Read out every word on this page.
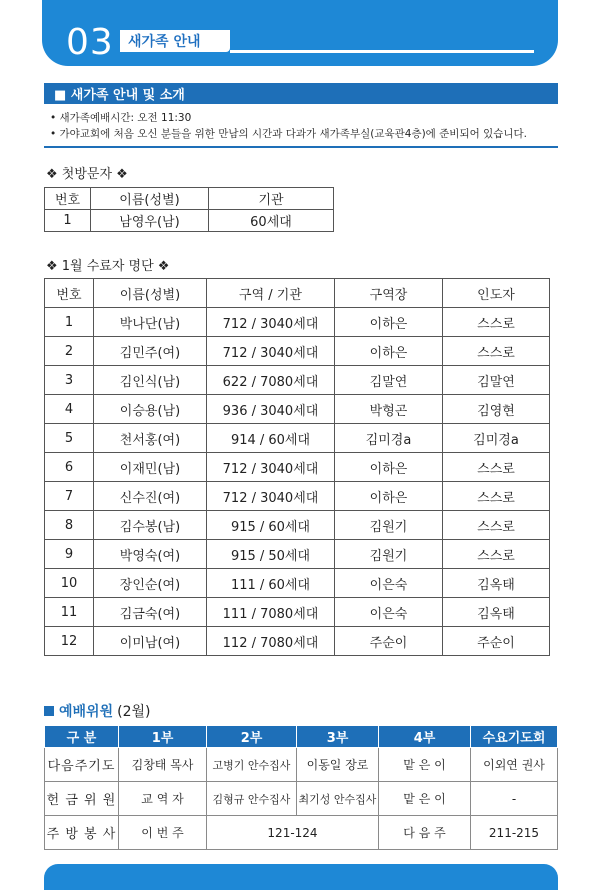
03	새가족 안내
■ 새가족 안내 및 소개
• 새가족예배시간: 오전 11:30
• 가야교회에 처음 오신 분들을 위한 만남의 시간과 다과가 새가족부실(교육관4층)에 준비되어 있습니다.
❖ 첫방문자 ❖
번호	이름(성별)	기관
1	남영우(남)	60세대
❖ 1월 수료자 명단 ❖
번호	이름(성별)	구역 / 기관	구역장	인도자
1	박나단(남)	712 / 3040세대	이하은	스스로
2	김민주(여)	712 / 3040세대	이하은	스스로
3	김인식(남)	622 / 7080세대	김말연	김말연
4	이승용(남)	936 / 3040세대	박형곤	김영현
5	천서홍(여)	914 / 60세대	김미경a	김미경a
6	이재민(남)	712 / 3040세대	이하은	스스로
7	신수진(여)	712 / 3040세대	이하은	스스로
8	김수봉(남)	915 / 60세대	김원기	스스로
9	박영숙(여)	915 / 50세대	김원기	스스로
10	장인순(여)	111 / 60세대	이은숙	김옥태
11	김금숙(여)	111 / 7080세대	이은숙	김옥태
12	이미남(여)	112 / 7080세대	주순이	주순이
예배위원 (2월)
구 분	1부	2부	3부	4부	수요기도회
다음주기도	김창태 목사	고병기 안수집사	이동일 장로	맡 은 이	이외연 권사
헌 금 위 원	교 역 자	김형규 안수집사	최기성 안수집사	맡 은 이	-
주 방 봉 사	이 번 주	121-124		다 음 주	211-215
